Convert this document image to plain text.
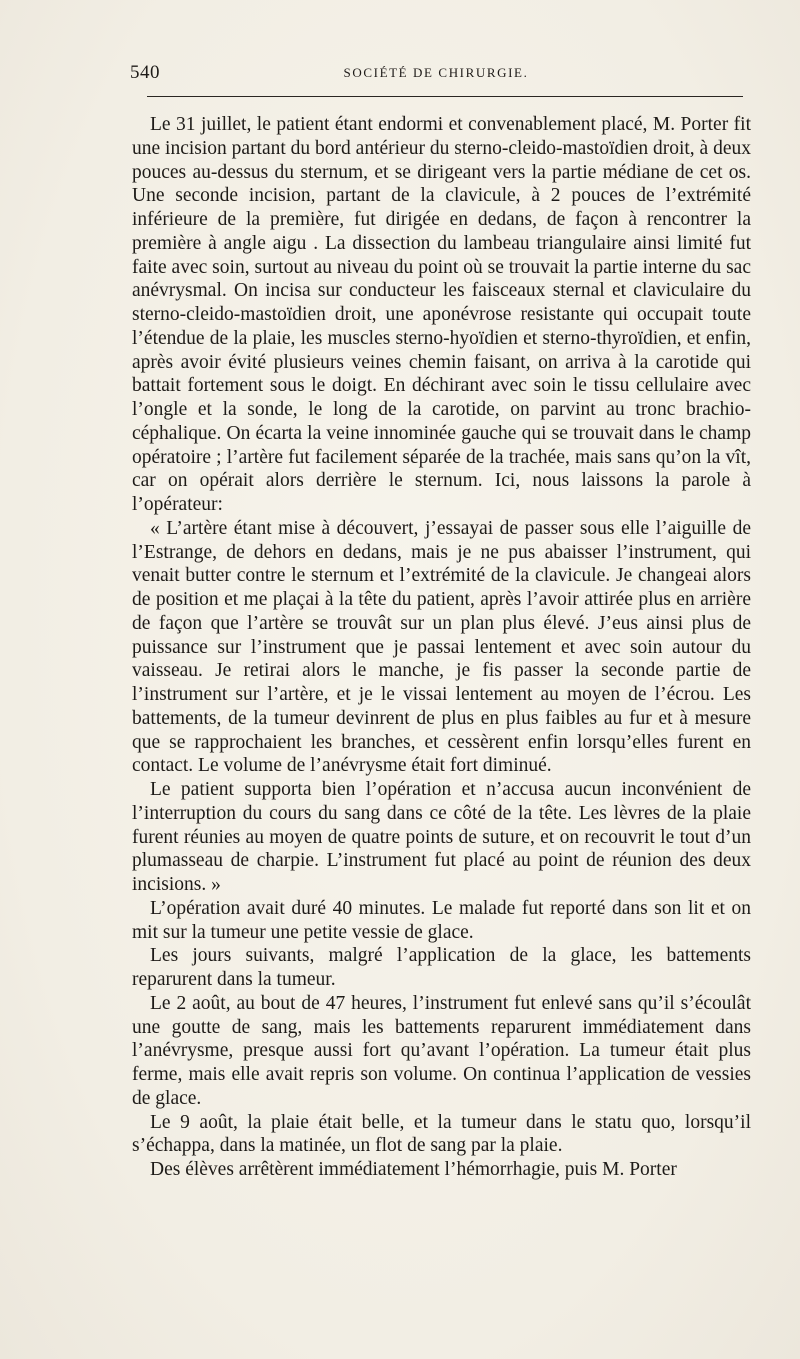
540	SOCIÉTÉ DE CHIRURGIE.

Le 31 juillet, le patient étant endormi et convenablement placé, M. Porter fit une incision partant du bord antérieur du sterno-cleido-mastoïdien droit, à deux pouces au-dessus du sternum, et se dirigeant vers la partie médiane de cet os. Une seconde incision, partant de la clavicule, à 2 pouces de l’extrémité inférieure de la première, fut dirigée en dedans, de façon à rencontrer la première à angle aigu . La dissection du lambeau triangulaire ainsi limité fut faite avec soin, surtout au niveau du point où se trouvait la partie interne du sac anévrysmal. On incisa sur conducteur les faisceaux sternal et claviculaire du sterno-cleido-mastoïdien droit, une aponévrose resistante qui occupait toute l’étendue de la plaie, les muscles sterno-hyoïdien et sterno-thyroïdien, et enfin, après avoir évité plusieurs veines chemin faisant, on arriva à la carotide qui battait fortement sous le doigt. En déchirant avec soin le tissu cellulaire avec l’ongle et la sonde, le long de la carotide, on parvint au tronc brachio-céphalique. On écarta la veine innominée gauche qui se trouvait dans le champ opératoire ; l’artère fut facilement séparée de la trachée, mais sans qu’on la vît, car on opérait alors derrière le sternum. Ici, nous laissons la parole à l’opérateur:

« L’artère étant mise à découvert, j’essayai de passer sous elle l’aiguille de l’Estrange, de dehors en dedans, mais je ne pus abaisser l’instrument, qui venait butter contre le sternum et l’extrémité de la clavicule. Je changeai alors de position et me plaçai à la tête du patient, après l’avoir attirée plus en arrière de façon que l’artère se trouvât sur un plan plus élevé. J’eus ainsi plus de puissance sur l’instrument que je passai lentement et avec soin autour du vaisseau. Je retirai alors le manche, je fis passer la seconde partie de l’instrument sur l’artère, et je le vissai lentement au moyen de l’écrou. Les battements, de la tumeur devinrent de plus en plus faibles au fur et à mesure que se rapprochaient les branches, et cessèrent enfin lorsqu’elles furent en contact. Le volume de l’anévrysme était fort diminué.

Le patient supporta bien l’opération et n’accusa aucun inconvénient de l’interruption du cours du sang dans ce côté de la tête. Les lèvres de la plaie furent réunies au moyen de quatre points de suture, et on recouvrit le tout d’un plumasseau de charpie. L’instrument fut placé au point de réunion des deux incisions. »

L’opération avait duré 40 minutes. Le malade fut reporté dans son lit et on mit sur la tumeur une petite vessie de glace.

Les jours suivants, malgré l’application de la glace, les battements reparurent dans la tumeur.

Le 2 août, au bout de 47 heures, l’instrument fut enlevé sans qu’il s’écoulât une goutte de sang, mais les battements reparurent immédiatement dans l’anévrysme, presque aussi fort qu’avant l’opération. La tumeur était plus ferme, mais elle avait repris son volume. On continua l’application de vessies de glace.

Le 9 août, la plaie était belle, et la tumeur dans le statu quo, lorsqu’il s’échappa, dans la matinée, un flot de sang par la plaie.

Des élèves arrêtèrent immédiatement l’hémorrhagie, puis M. Porter
